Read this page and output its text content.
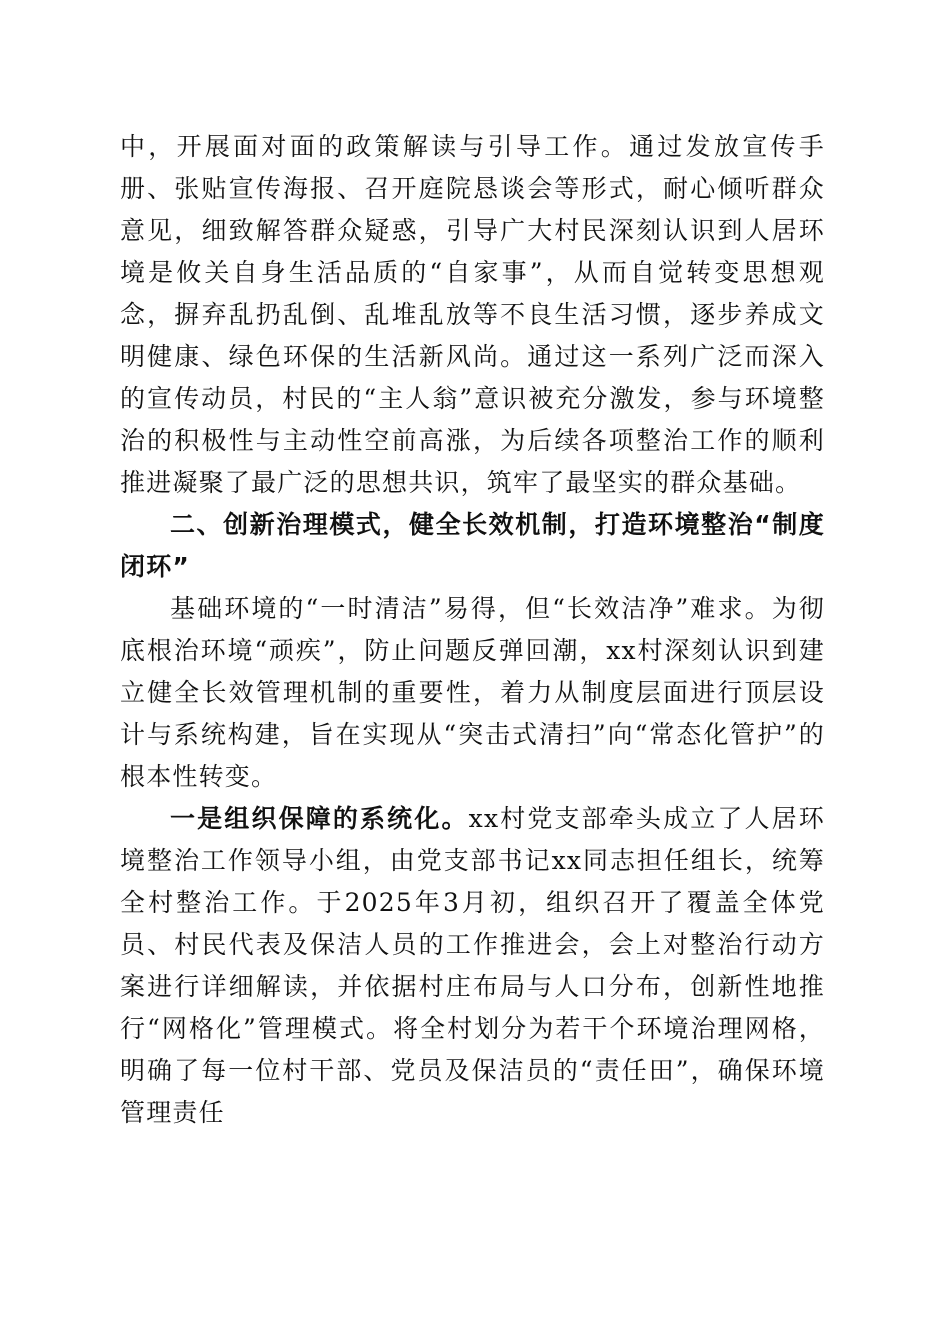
中，开展面对面的政策解读与引导工作。通过发放宣传手册、张贴宣传海报、召开庭院恳谈会等形式，耐心倾听群众意见，细致解答群众疑惑，引导广大村民深刻认识到人居环境是攸关自身生活品质的“自家事”，从而自觉转变思想观念，摒弃乱扔乱倒、乱堆乱放等不良生活习惯，逐步养成文明健康、绿色环保的生活新风尚。通过这一系列广泛而深入的宣传动员，村民的“主人翁”意识被充分激发，参与环境整治的积极性与主动性空前高涨，为后续各项整治工作的顺利推进凝聚了最广泛的思想共识，筑牢了最坚实的群众基础。

二、创新治理模式，健全长效机制，打造环境整治“制度闭环”

基础环境的“一时清洁”易得，但“长效洁净”难求。为彻底根治环境“顽疾”，防止问题反弹回潮，xx村深刻认识到建立健全长效管理机制的重要性，着力从制度层面进行顶层设计与系统构建，旨在实现从“突击式清扫”向“常态化管护”的根本性转变。

一是组织保障的系统化。xx村党支部牵头成立了人居环境整治工作领导小组，由党支部书记xx同志担任组长，统筹全村整治工作。于2025年3月初，组织召开了覆盖全体党员、村民代表及保洁人员的工作推进会，会上对整治行动方案进行详细解读，并依据村庄布局与人口分布，创新性地推行“网格化”管理模式。将全村划分为若干个环境治理网格，明确了每一位村干部、党员及保洁员的“责任田”，确保环境管理责任
